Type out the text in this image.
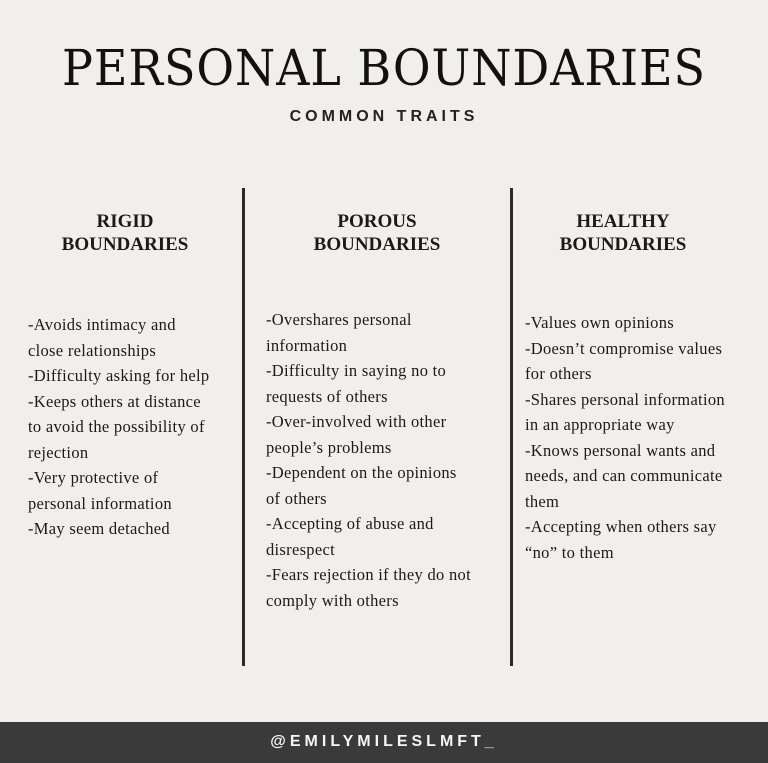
PERSONAL BOUNDARIES
COMMON TRAITS
RIGID
BOUNDARIES
-Avoids intimacy and
close relationships
-Difficulty asking for help
-Keeps others at distance
to avoid the possibility of
rejection
-Very protective of
personal information
-May seem detached
POROUS
BOUNDARIES
-Overshares personal
information
-Difficulty in saying no to
requests of others
-Over-involved with other
people’s problems
-Dependent on the opinions
of others
-Accepting of abuse and
disrespect
-Fears rejection if they do not
comply with others
HEALTHY
BOUNDARIES
-Values own opinions
-Doesn’t compromise values
for others
-Shares personal information
in an appropriate way
-Knows personal wants and
needs, and can communicate
them
-Accepting when others say
“no” to them
@EMILYMILESLMFT_
